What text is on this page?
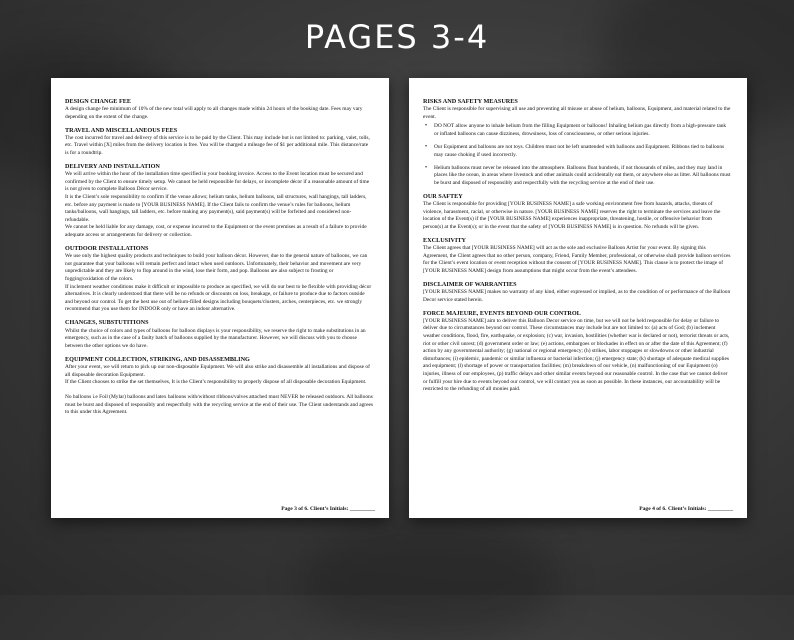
PAGES 3-4
DESIGN CHANGE FEE
A design change fee minimum of 10% of the new total will apply to all changes made within 24 hours of the booking date. Fees may vary depending on the extent of the change.
TRAVEL AND MISCELLANEOUS FEES
The cost incurred for travel and delivery of this service is to be paid by the Client. This may include but is not limited to: parking, valet, tolls, etc. Travel within [X] miles from the delivery location is free. You will be charged a mileage fee of $1 per additional mile. This distance/rate is for a roundtrip.
DELIVERY AND INSTALLATION
We will arrive within the hour of the installation time specified in your booking invoice. Access to the Event location must be secured and confirmed by the Client to ensure timely setup. We cannot be held responsible for delays, or incomplete décor if a reasonable amount of time is not given to complete Balloon Décor service.
It is the Client’s sole responsibility to confirm if the venue allows; helium tanks, helium balloons, tall structures, wall hangings, tall ladders, etc. before any payment is made to [YOUR BUSINESS NAME]. If the Client fails to confirm the venue’s rules for balloons, helium tanks/balloons, wall hangings, tall ladders, etc. before making any payment(s), said payment(s) will be forfeited and considered non-refundable.
We cannot be held liable for any damage, cost, or expense incurred to the Equipment or the event premises as a result of a failure to provide adequate access or arrangements for delivery or collection.
OUTDOOR INSTALLATIONS
We use only the highest quality products and techniques to build your balloon décor. However, due to the general nature of balloons, we can not guarantee that your balloons will remain perfect and intact when used outdoors. Unfortunately, their behavior and movement are very unpredictable and they are likely to flop around in the wind, lose their form, and pop. Balloons are also subject to frosting or fogging/oxidation of the colors.
If inclement weather conditions make it difficult or impossible to produce as specified, we will do our best to be flexible with providing décor alternatives. It is clearly understood that there will be no refunds or discounts on loss, breakage, or failure to produce due to factors outside and beyond our control. To get the best use out of helium-filled designs including bouquets/clusters, arches, centerpieces, etc. we strongly recommend that you use them for INDOOR only or have an indoor alternative.
CHANGES, SUBSTUTITIONS
Whilst the choice of colors and types of balloons for balloon displays is your responsibility, we reserve the right to make substitutions in an emergency, such as in the case of a faulty batch of balloons supplied by the manufacturer. However, we will discuss with you to choose between the other options we do have.
EQUIPMENT COLLECTION, STRIKING, AND DISASSEMBLING
After your event, we will return to pick up our non-disposable Equipment. We will also strike and disassemble all installations and dispose of all disposable decoration Equipment.
If the Client chooses to strike the set themselves, It is the Client’s responsibility to properly dispose of all disposable decoration Equipment.
No balloons i.e Foil (Mylar) balloons and latex balloons with/without ribbons/valves attached must NEVER be released outdoors. All balloons must be burst and disposed of responsibly and respectfully with the recycling service at the end of their use. The Client understands and agrees to this under this Agreement.
Page 3 of 6. Client’s Initials: _________
RISKS AND SAFETY MEASURES
The Client is responsible for supervising all use and preventing all misuse or abuse of helium, balloons, Equipment, and material related to the event.
• DO NOT allow anyone to inhale helium from the filling Equipment or balloons! Inhaling helium gas directly from a high-pressure tank or inflated balloons can cause dizziness, drowsiness, loss of consciousness, or other serious injuries.
• Our Equipment and balloons are not toys. Children must not be left unattended with balloons and Equipment. Ribbons tied to balloons may cause choking if used incorrectly.
• Helium balloons must never be released into the atmosphere. Balloons float hundreds, if not thousands of miles, and they may land in places like the ocean, in areas where livestock and other animals could accidentally eat them, or anywhere else as litter. All balloons must be burst and disposed of responsibly and respectfully with the recycling service at the end of their use.
OUR SAFTEY
The Client is responsible for providing [YOUR BUSINESS NAME] a safe working environment free from hazards, attacks, threats of violence, harassment, racial, or otherwise in nature. [YOUR BUSINESS NAME] reserves the right to terminate the services and leave the location of the Event(s) if the [YOUR BUSINESS NAME] experiences inappropriate, threatening, hostile, or offensive behavior from person(s) at the Event(s); or in the event that the safety of [YOUR BUSINESS NAME] is in question. No refunds will be given.
EXCLUSIVITY
The Client agrees that [YOUR BUSINESS NAME] will act as the sole and exclusive Balloon Artist for your event. By signing this Agreement, the Client agrees that no other person, company, Friend, Family Member, professional, or otherwise shall provide balloon services for the Client’s event location or event reception without the consent of [YOUR BUSINESS NAME]. This clause is to protect the image of [YOUR BUSINESS NAME] design from assumptions that might occur from the event’s attendees.
DISCLAIMER OF WARRANTIES
[YOUR BUSINESS NAME] makes no warranty of any kind, either expressed or implied, as to the condition of or performance of the Balloon Decor service stated herein.
FORCE MAJEURE, EVENTS BEYOND OUR CONTROL
[YOUR BUSINESS NAME] aim to deliver this Balloon Decor service on time, but we will not be held responsible for delay or failure to deliver due to circumstances beyond our control. These circumstances may include but are not limited to: (a) acts of God; (b) inclement weather conditions, flood, fire, earthquake, or explosion; (c) war, invasion, hostilities (whether war is declared or not), terrorist threats or acts, riot or other civil unrest; (d) government order or law; (e) actions, embargoes or blockades in effect on or after the date of this Agreement; (f) action by any governmental authority; (g) national or regional emergency; (h) strikes, labor stoppages or slowdowns or other industrial disturbances; (i) epidemic, pandemic or similar influenza or bacterial infection; (j) emergency state; (k) shortage of adequate medical supplies and equipment; (l) shortage of power or transportation facilities; (m) breakdown of our vehicle, (n) malfunctioning of our Equipment (o) injuries, illness of our employees, (p) traffic delays and other similar events beyond our reasonable control. In the case that we cannot deliver or fulfill your hire due to events beyond our control, we will contact you as soon as possible. In these instances, our accountability will be restricted to the refunding of all monies paid.
Page 4 of 6. Client’s Initials: _________
